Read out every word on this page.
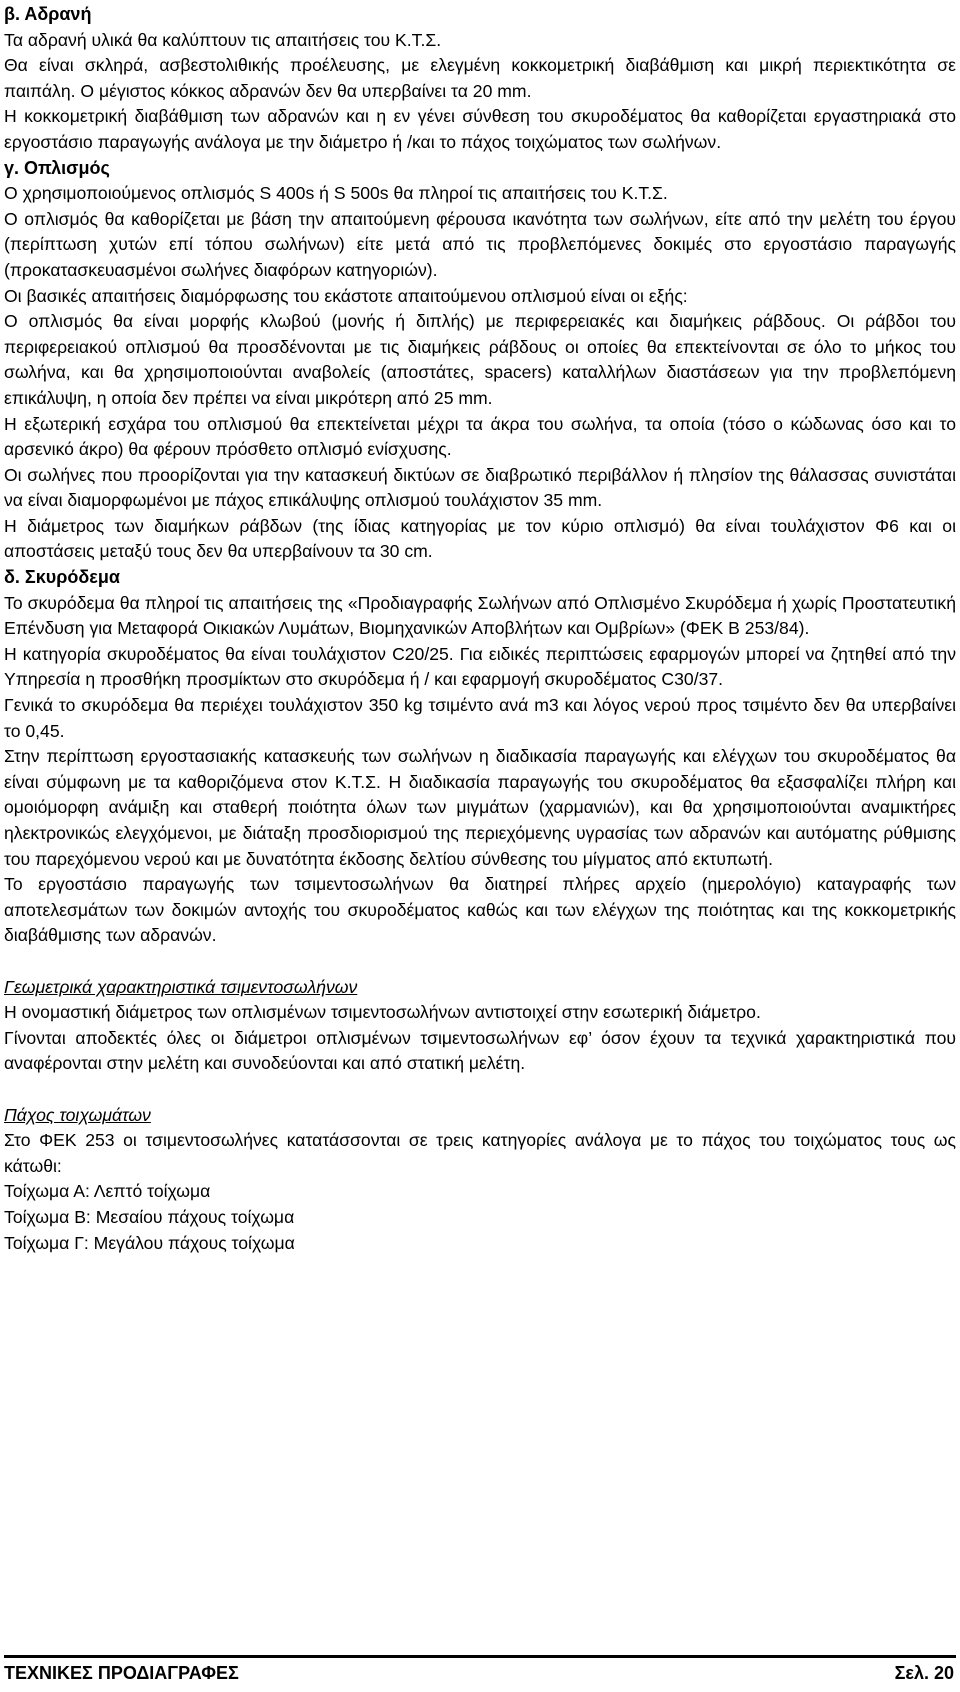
β. Αδρανή

Τα αδρανή υλικά θα καλύπτουν τις απαιτήσεις του Κ.Τ.Σ.

Θα είναι σκληρά, ασβεστολιθικής προέλευσης, με ελεγμένη κοκκομετρική διαβάθμιση και μικρή περιεκτικότητα σε παιπάλη. Ο μέγιστος κόκκος αδρανών δεν θα υπερβαίνει τα 20 mm.

Η κοκκομετρική διαβάθμιση των αδρανών και η εν γένει σύνθεση του σκυροδέματος θα καθορίζεται εργαστηριακά στο εργοστάσιο παραγωγής ανάλογα με την διάμετρο ή /και το πάχος τοιχώματος των σωλήνων.

γ. Οπλισμός

Ο χρησιμοποιούμενος οπλισμός S 400s ή S 500s θα πληροί τις απαιτήσεις του Κ.Τ.Σ.

Ο οπλισμός θα καθορίζεται με βάση την απαιτούμενη φέρουσα ικανότητα των σωλήνων, είτε από την μελέτη του έργου (περίπτωση χυτών επί τόπου σωλήνων) είτε μετά από τις προβλεπόμενες δοκιμές στο εργοστάσιο παραγωγής (προκατασκευασμένοι σωλήνες διαφόρων κατηγοριών).

Οι βασικές απαιτήσεις διαμόρφωσης του εκάστοτε απαιτούμενου οπλισμού είναι οι εξής:

Ο οπλισμός θα είναι μορφής κλωβού (μονής ή διπλής) με περιφερειακές και διαμήκεις ράβδους. Οι ράβδοι του περιφερειακού οπλισμού θα προσδένονται με τις διαμήκεις ράβδους οι οποίες θα επεκτείνονται σε όλο το μήκος του σωλήνα, και θα χρησιμοποιούνται αναβολείς (αποστάτες, spacers) καταλλήλων διαστάσεων για την προβλεπόμενη επικάλυψη, η οποία δεν πρέπει να είναι μικρότερη από 25 mm.

Η εξωτερική εσχάρα του οπλισμού θα επεκτείνεται μέχρι τα άκρα του σωλήνα, τα οποία (τόσο ο κώδωνας όσο και το αρσενικό άκρο) θα φέρουν πρόσθετο οπλισμό ενίσχυσης.

Οι σωλήνες που προορίζονται για την κατασκευή δικτύων σε διαβρωτικό περιβάλλον ή πλησίον της θάλασσας συνιστάται να είναι διαμορφωμένοι με πάχος επικάλυψης οπλισμού τουλάχιστον 35 mm.

Η διάμετρος των διαμήκων ράβδων (της ίδιας κατηγορίας με τον κύριο οπλισμό) θα είναι τουλάχιστον Φ6 και οι αποστάσεις μεταξύ τους δεν θα υπερβαίνουν τα 30 cm.

δ. Σκυρόδεμα

Το σκυρόδεμα θα πληροί τις απαιτήσεις της «Προδιαγραφής Σωλήνων από Οπλισμένο Σκυρόδεμα ή χωρίς Προστατευτική Επένδυση για Μεταφορά Οικιακών Λυμάτων, Βιομηχανικών Αποβλήτων και Ομβρίων» (ΦΕΚ Β 253/84).

Η κατηγορία σκυροδέματος θα είναι τουλάχιστον C20/25. Για ειδικές περιπτώσεις εφαρμογών μπορεί να ζητηθεί από την Υπηρεσία η προσθήκη προσμίκτων στο σκυρόδεμα ή / και εφαρμογή σκυροδέματος C30/37.

Γενικά το σκυρόδεμα θα περιέχει τουλάχιστον 350 kg τσιμέντο ανά m3 και λόγος νερού προς τσιμέντο δεν θα υπερβαίνει το 0,45.

Στην περίπτωση εργοστασιακής κατασκευής των σωλήνων η διαδικασία παραγωγής και ελέγχων του σκυροδέματος θα είναι σύμφωνη με τα καθοριζόμενα στον Κ.Τ.Σ. Η διαδικασία παραγωγής του σκυροδέματος θα εξασφαλίζει πλήρη και ομοιόμορφη ανάμιξη και σταθερή ποιότητα όλων των μιγμάτων (χαρμανιών), και θα χρησιμοποιούνται αναμικτήρες ηλεκτρονικώς ελεγχόμενοι, με διάταξη προσδιορισμού της περιεχόμενης υγρασίας των αδρανών και αυτόματης ρύθμισης του παρεχόμενου νερού και με δυνατότητα έκδοσης δελτίου σύνθεσης του μίγματος από εκτυπωτή.

Το εργοστάσιο παραγωγής των τσιμεντοσωλήνων θα διατηρεί πλήρες αρχείο (ημερολόγιο) καταγραφής των αποτελεσμάτων των δοκιμών αντοχής του σκυροδέματος καθώς και των ελέγχων της ποιότητας και της κοκκομετρικής διαβάθμισης των αδρανών.

Γεωμετρικά χαρακτηριστικά τσιμεντοσωλήνων

Η ονομαστική διάμετρος των οπλισμένων τσιμεντοσωλήνων αντιστοιχεί στην εσωτερική διάμετρο.

Γίνονται αποδεκτές όλες οι διάμετροι οπλισμένων τσιμεντοσωλήνων εφ’ όσον έχουν τα τεχνικά χαρακτηριστικά που αναφέρονται στην μελέτη και συνοδεύονται και από στατική μελέτη.

Πάχος τοιχωμάτων

Στο ΦΕΚ 253 οι τσιμεντοσωλήνες κατατάσσονται σε τρεις κατηγορίες ανάλογα με το πάχος του τοιχώματος τους ως κάτωθι:

Τοίχωμα Α: Λεπτό τοίχωμα

Τοίχωμα Β: Μεσαίου πάχους τοίχωμα

Τοίχωμα Γ: Μεγάλου πάχους τοίχωμα

ΤΕΧΝΙΚΕΣ ΠΡΟΔΙΑΓΡΑΦΕΣ	Σελ. 20
